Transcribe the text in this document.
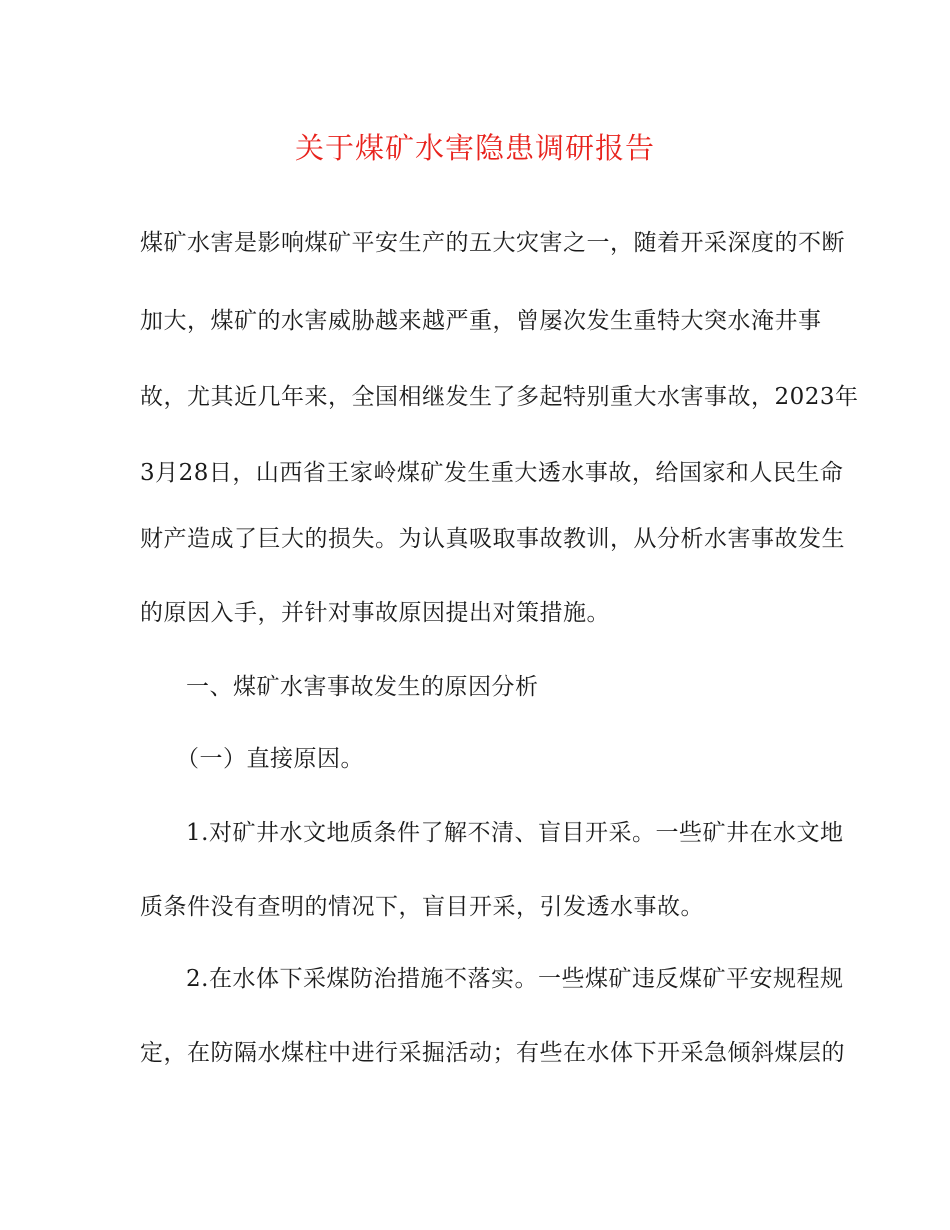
关于煤矿水害隐患调研报告
煤矿水害是影响煤矿平安生产的五大灾害之一，随着开采深度的不断
加大，煤矿的水害威胁越来越严重，曾屡次发生重特大突水淹井事
故，尤其近几年来，全国相继发生了多起特别重大水害事故，2023年
3月28日，山西省王家岭煤矿发生重大透水事故，给国家和人民生命
财产造成了巨大的损失。为认真吸取事故教训，从分析水害事故发生
的原因入手，并针对事故原因提出对策措施。
一、煤矿水害事故发生的原因分析
（一）直接原因。
1.对矿井水文地质条件了解不清、盲目开采。一些矿井在水文地
质条件没有查明的情况下，盲目开采，引发透水事故。
2.在水体下采煤防治措施不落实。一些煤矿违反煤矿平安规程规
定，在防隔水煤柱中进行采掘活动；有些在水体下开采急倾斜煤层的
